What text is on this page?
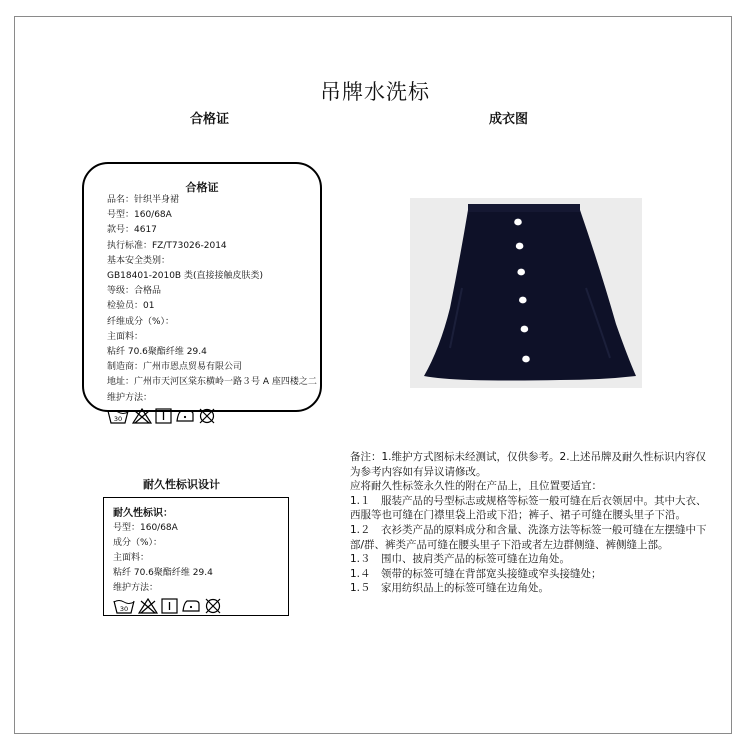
吊牌水洗标
合格证	成衣图
合格证
品名：针织半身裙
号型：160/68A
款号：4617
执行标准：FZ/T73026-2014
基本安全类别：
GB18401-2010B 类(直接接触皮肤类)
等级：合格品
检验员：01
纤维成分（%）：
主面料：
粘纤 70.6聚酯纤维 29.4
制造商：广州市恩点贸易有限公司
地址：广州市天河区棠东横岭一路３号 A 座四楼之二
维护方法：
30
耐久性标识设计
耐久性标识：
号型：160/68A
成分（%）：
主面料：
粘纤 70.6聚酯纤维 29.4
维护方法：
30

备注：1.维护方式图标未经测试，仅供参考。2.上述吊牌及耐久性标识内容仅为参考内容如有异议请修改。

应将耐久性标签永久性的附在产品上，且位置要适宜：

1.１　服装产品的号型标志或规格等标签一般可缝在后衣领居中。其中大衣、西服等也可缝在门襟里袋上沿或下沿；裤子、裙子可缝在腰头里子下沿。

1.２　衣衫类产品的原料成分和含量、洗涤方法等标签一般可缝在左摆缝中下部/群、裤类产品可缝在腰头里子下沿或者左边群侧缝、裤侧缝上部。

1.３　围巾、披肩类产品的标签可缝在边角处。

1.４　领带的标签可缝在背部宽头接缝或窄头接缝处；

1.５　家用纺织品上的标签可缝在边角处。
